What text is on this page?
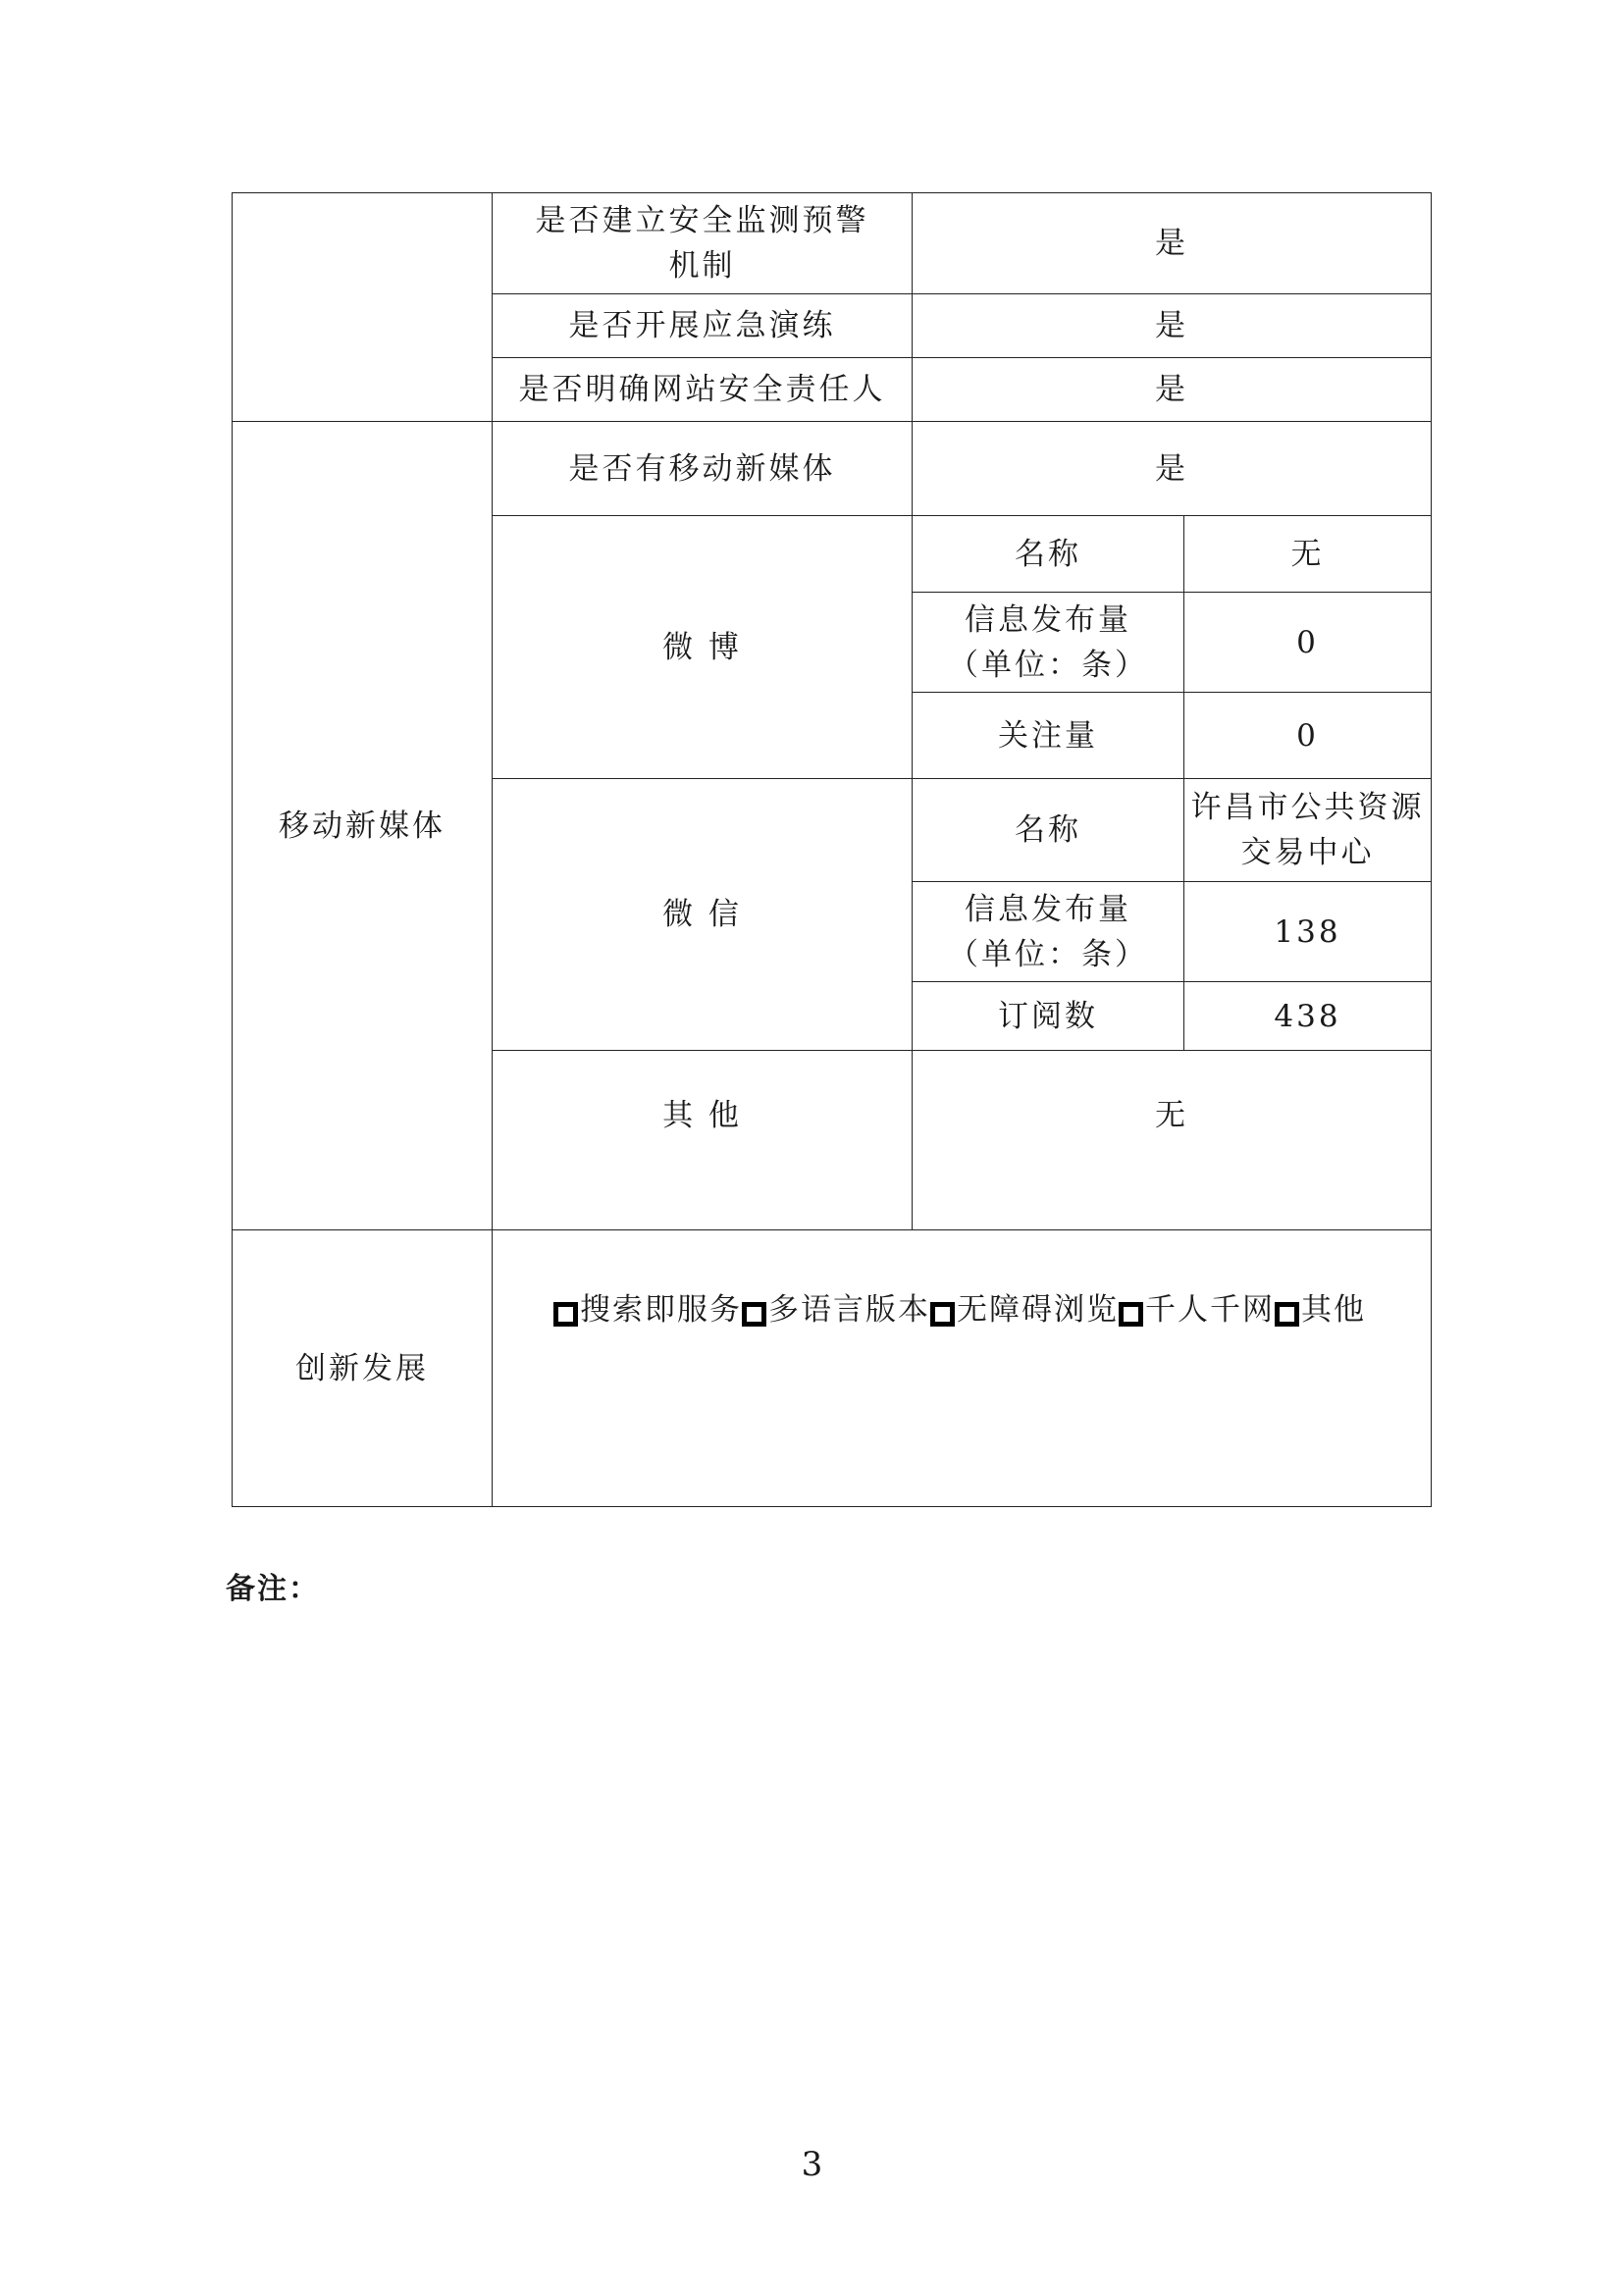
	是否建立安全监测预警
机制	是	
	是否开展应急演练	是	
	是否明确网站安全责任人	是	
移动新媒体	是否有移动新媒体	是	
	微 博	名称	无

		信息发布量
（单位：条）	0
		关注量	0
	微 信	名称	许昌市公共资源
交易中心

		信息发布量
（单位：条）	138
		订阅数	438
	其 他	无	
创新发展	搜索即服务 多语言版本 无障碍浏览 千人千网 其他		
备注：
3
